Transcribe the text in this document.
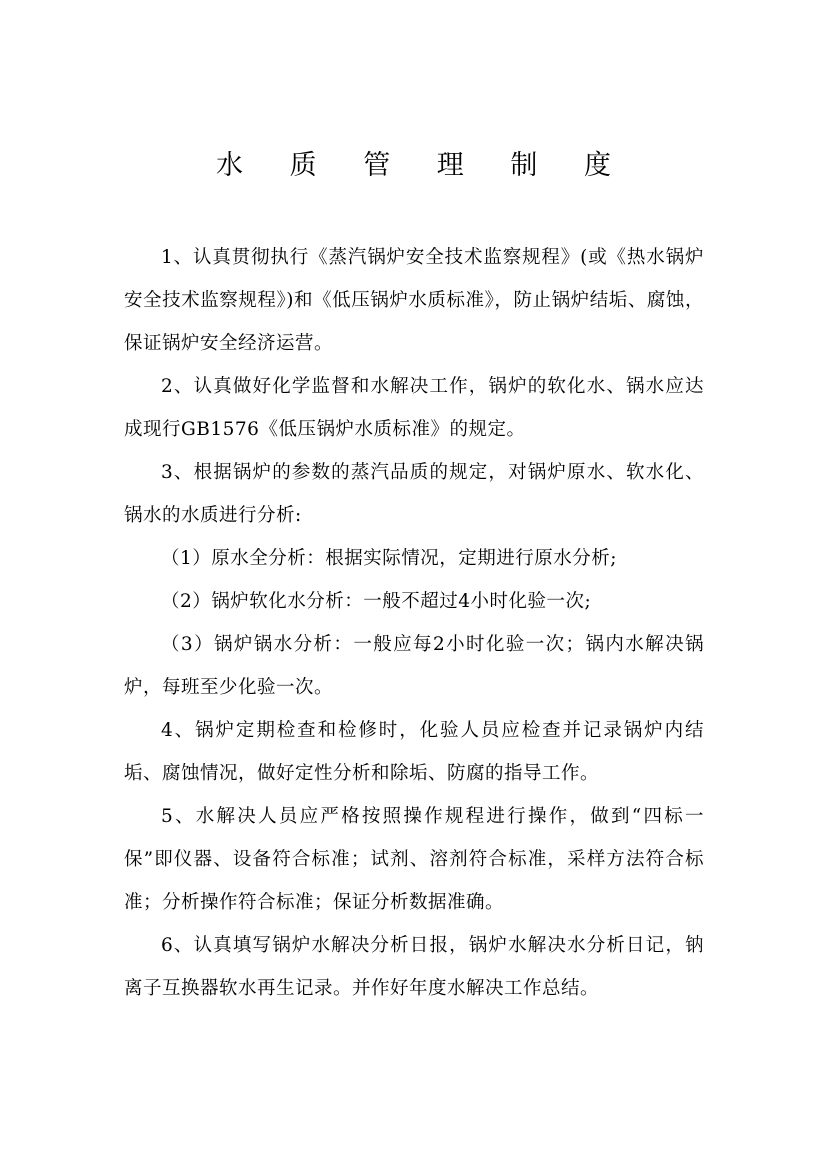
水 质 管 理 制 度

1、认真贯彻执行《蒸汽锅炉安全技术监察规程》(或《热水锅炉安全技术监察规程》)和《低压锅炉水质标准》，防止锅炉结垢、腐蚀，保证锅炉安全经济运营。

2、认真做好化学监督和水解决工作，锅炉的软化水、锅水应达成现行GB1576《低压锅炉水质标准》的规定。

3、根据锅炉的参数的蒸汽品质的规定，对锅炉原水、软水化、锅水的水质进行分析:

（1）原水全分析：根据实际情况，定期进行原水分析;

（2）锅炉软化水分析：一般不超过4小时化验一次;

（3）锅炉锅水分析：一般应每2小时化验一次；锅内水解决锅炉，每班至少化验一次。

4、锅炉定期检查和检修时，化验人员应检查并记录锅炉内结垢、腐蚀情况，做好定性分析和除垢、防腐的指导工作。

5、水解决人员应严格按照操作规程进行操作，做到“四标一保”即仪器、设备符合标准；试剂、溶剂符合标准，采样方法符合标准；分析操作符合标准；保证分析数据准确。

6、认真填写锅炉水解决分析日报，锅炉水解决水分析日记，钠离子互换器软水再生记录。并作好年度水解决工作总结。
